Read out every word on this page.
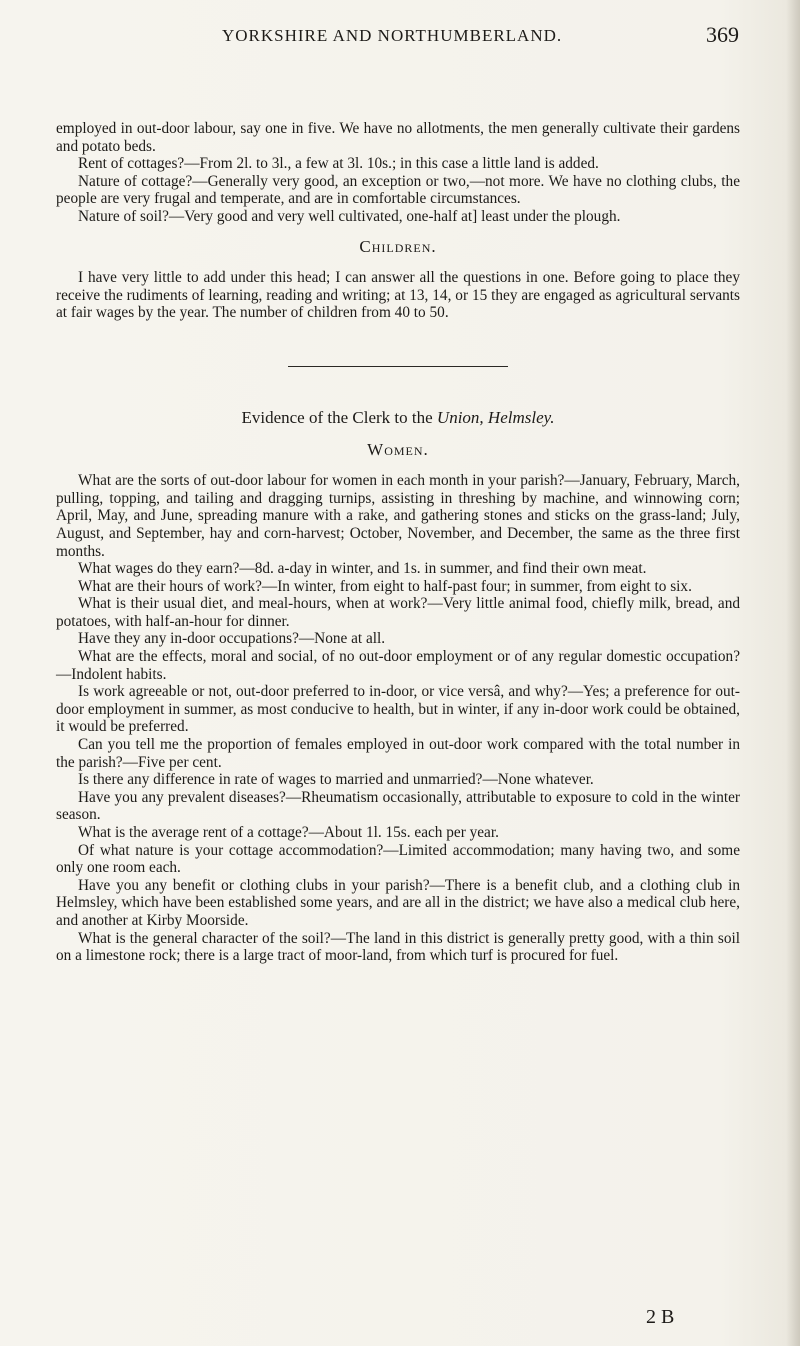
YORKSHIRE AND NORTHUMBERLAND.	369

employed in out-door labour, say one in five. We have no allotments, the men generally cultivate their gardens and potato beds.

Rent of cottages?—From 2l. to 3l., a few at 3l. 10s.; in this case a little land is added.

Nature of cottage?—Generally very good, an exception or two,—not more. We have no clothing clubs, the people are very frugal and temperate, and are in comfortable circumstances.

Nature of soil?—Very good and very well cultivated, one-half at] least under the plough.

Children.

I have very little to add under this head; I can answer all the questions in one. Before going to place they receive the rudiments of learning, reading and writing; at 13, 14, or 15 they are engaged as agricultural servants at fair wages by the year. The number of children from 40 to 50.

Evidence of the Clerk to the Union, Helmsley.
Women.

What are the sorts of out-door labour for women in each month in your parish?—January, February, March, pulling, topping, and tailing and dragging turnips, assisting in threshing by machine, and winnowing corn; April, May, and June, spreading manure with a rake, and gathering stones and sticks on the grass-land; July, August, and September, hay and corn-harvest; October, November, and December, the same as the three first months.

What wages do they earn?—8d. a-day in winter, and 1s. in summer, and find their own meat.

What are their hours of work?—In winter, from eight to half-past four; in summer, from eight to six.

What is their usual diet, and meal-hours, when at work?—Very little animal food, chiefly milk, bread, and potatoes, with half-an-hour for dinner.

Have they any in-door occupations?—None at all.

What are the effects, moral and social, of no out-door employment or of any regular domestic occupation?—Indolent habits.

Is work agreeable or not, out-door preferred to in-door, or vice versâ, and why?—Yes; a preference for out-door employment in summer, as most conducive to health, but in winter, if any in-door work could be obtained, it would be preferred.

Can you tell me the proportion of females employed in out-door work compared with the total number in the parish?—Five per cent.

Is there any difference in rate of wages to married and unmarried?—None whatever.

Have you any prevalent diseases?—Rheumatism occasionally, attributable to exposure to cold in the winter season.

What is the average rent of a cottage?—About 1l. 15s. each per year.

Of what nature is your cottage accommodation?—Limited accommodation; many having two, and some only one room each.

Have you any benefit or clothing clubs in your parish?—There is a benefit club, and a clothing club in Helmsley, which have been established some years, and are all in the district; we have also a medical club here, and another at Kirby Moorside.

What is the general character of the soil?—The land in this district is generally pretty good, with a thin soil on a limestone rock; there is a large tract of moor-land, from which turf is procured for fuel.

2 B
